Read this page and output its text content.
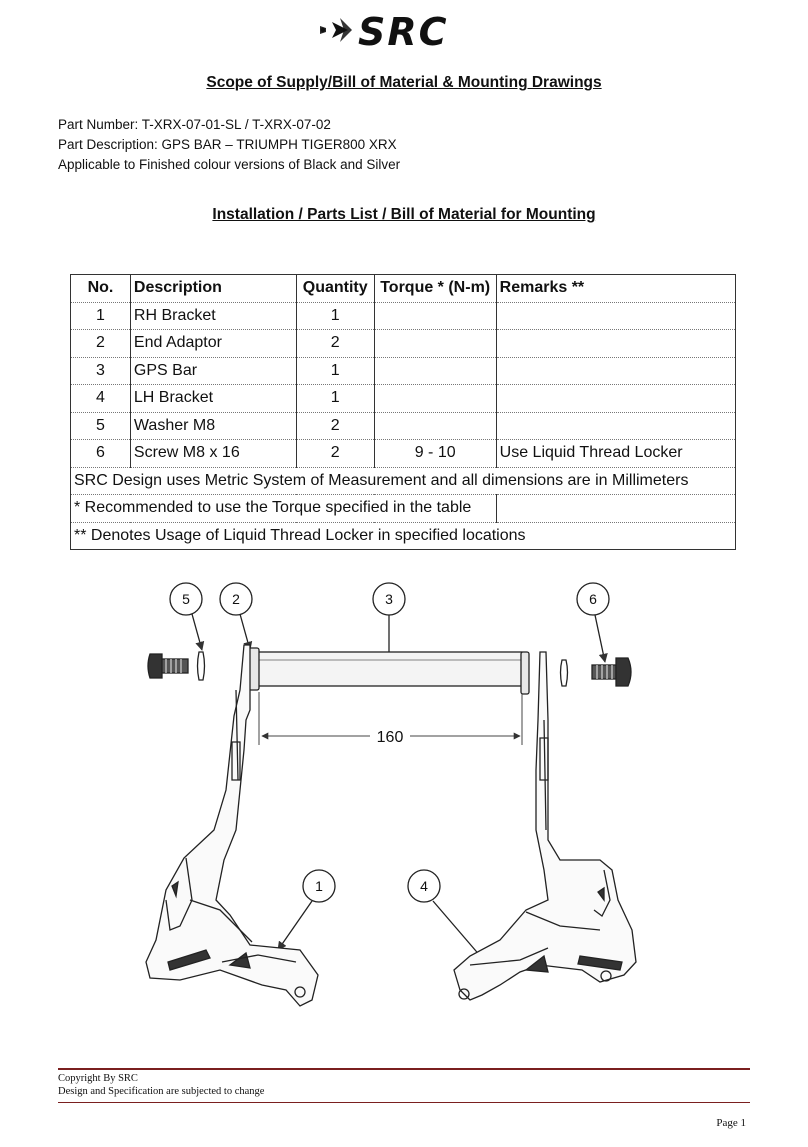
SRC
Scope of Supply/Bill of Material & Mounting Drawings
Part Number: T-XRX-07-01-SL / T-XRX-07-02
Part Description: GPS BAR – TRIUMPH TIGER800 XRX
Applicable to Finished colour versions of Black and Silver
Installation / Parts List / Bill of Material for Mounting
No.	Description	Quantity	Torque * (N-m)	Remarks **
1	RH Bracket	1		
2	End Adaptor	2		
3	GPS Bar	1		
4	LH Bracket	1		
5	Washer M8	2		
6	Screw M8 x 16	2	9 - 10	Use Liquid Thread Locker
SRC Design uses Metric System of Measurement and all dimensions are in Millimeters				
* Recommended to use the Torque specified in the table				
** Denotes Usage of Liquid Thread Locker in specified locations				
5	2	3	6
1	4
160
Copyright By SRC
Design and Specification are subjected to change
Page 1
